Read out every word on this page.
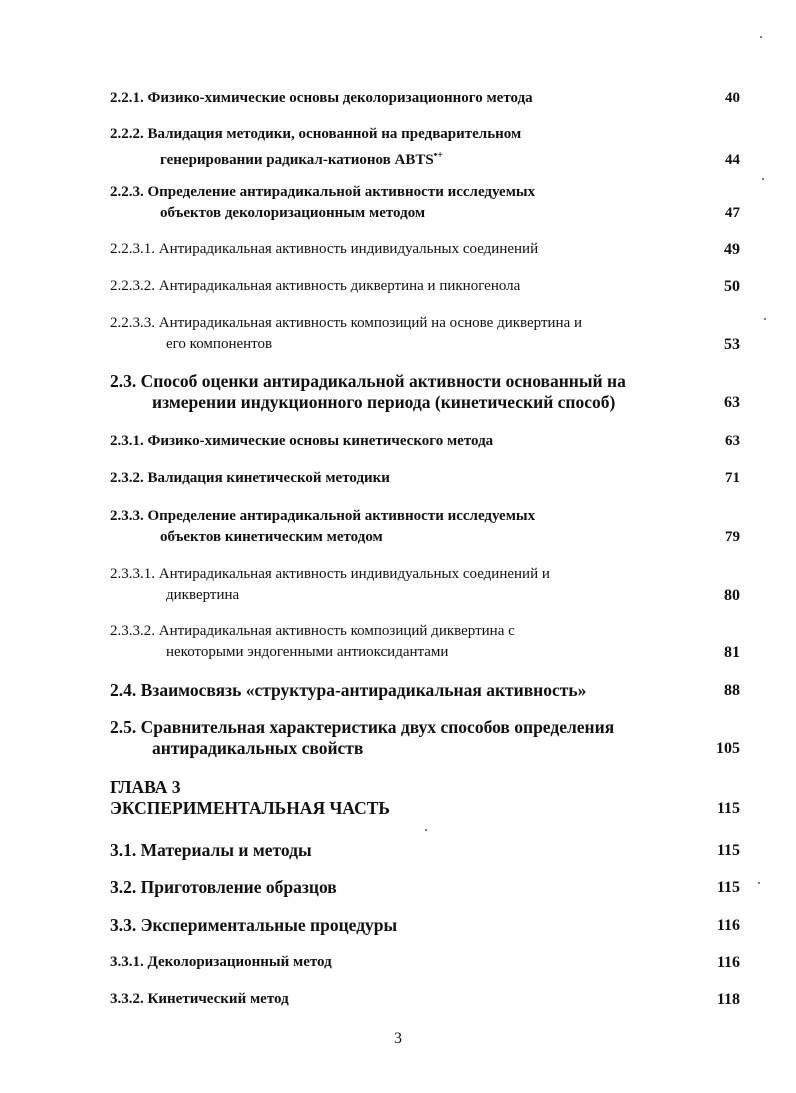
2.2.1. Физико-химические основы деколоризационного метода	40
2.2.2. Валидация методики, основанной на предварительном
генерировании радикал-катионов ABTS•+	44
2.2.3. Определение антирадикальной активности исследуемых
объектов деколоризационным методом	47
2.2.3.1. Антирадикальная активность индивидуальных соединений	49
2.2.3.2. Антирадикальная активность диквертина и пикногенола	50
2.2.3.3. Антирадикальная активность композиций на основе диквертина и
его компонентов	53
2.3. Способ оценки антирадикальной активности основанный на
измерении индукционного периода (кинетический способ)	63
2.3.1. Физико-химические основы кинетического метода	63
2.3.2. Валидация кинетической методики	71
2.3.3. Определение антирадикальной активности исследуемых
объектов кинетическим методом	79
2.3.3.1. Антирадикальная активность индивидуальных соединений и
диквертина	80
2.3.3.2. Антирадикальная активность композиций диквертина с
некоторыми эндогенными антиоксидантами	81
2.4. Взаимосвязь «структура-антирадикальная активность»	88
2.5. Сравнительная характеристика двух способов определения
антирадикальных свойств	105
ГЛАВА 3
ЭКСПЕРИМЕНТАЛЬНАЯ ЧАСТЬ	115
3.1. Материалы и методы	115
3.2. Приготовление образцов	115
3.3. Экспериментальные процедуры	116
3.3.1. Деколоризационный метод	116
3.3.2. Кинетический метод	118
3
